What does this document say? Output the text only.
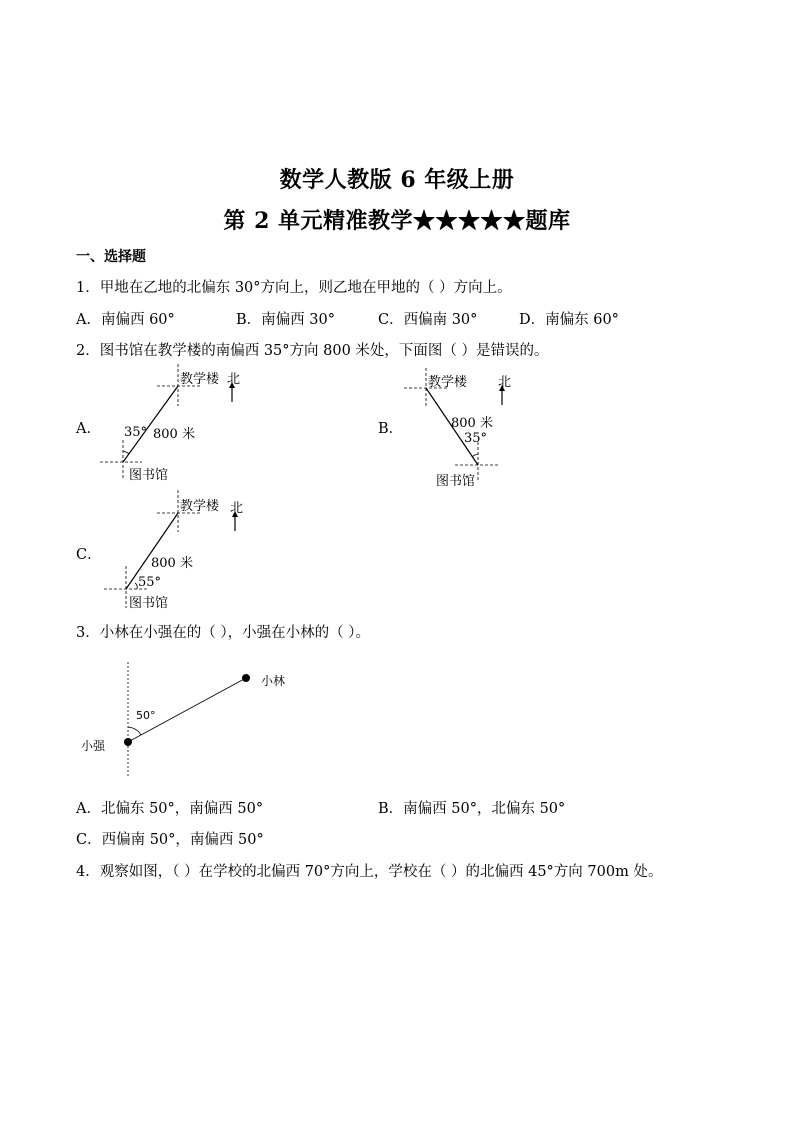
数学人教版 6 年级上册
第 2 单元精准教学★★★★★题库
一、选择题
1．甲地在乙地的北偏东 30°方向上，则乙地在甲地的（ ）方向上。
A．南偏西 60°	B．南偏西 30°	C．西偏南 30°	D．南偏东 60°
2．图书馆在教学楼的南偏西 35°方向 800 米处，下面图（ ）是错误的。
A．
教学楼 北
35° 800 米
图书馆
B．
教学楼 北
800 米
35°
图书馆
C．
教学楼 北
800 米
55°
图书馆
3．小林在小强在的（ ），小强在小林的（ ）。
小林
小强
50°
A．北偏东 50°，南偏西 50°	B．南偏西 50°，北偏东 50°
C．西偏南 50°，南偏西 50°
4．观察如图，（ ）在学校的北偏西 70°方向上，学校在（ ）的北偏西 45°方向 700m 处。
